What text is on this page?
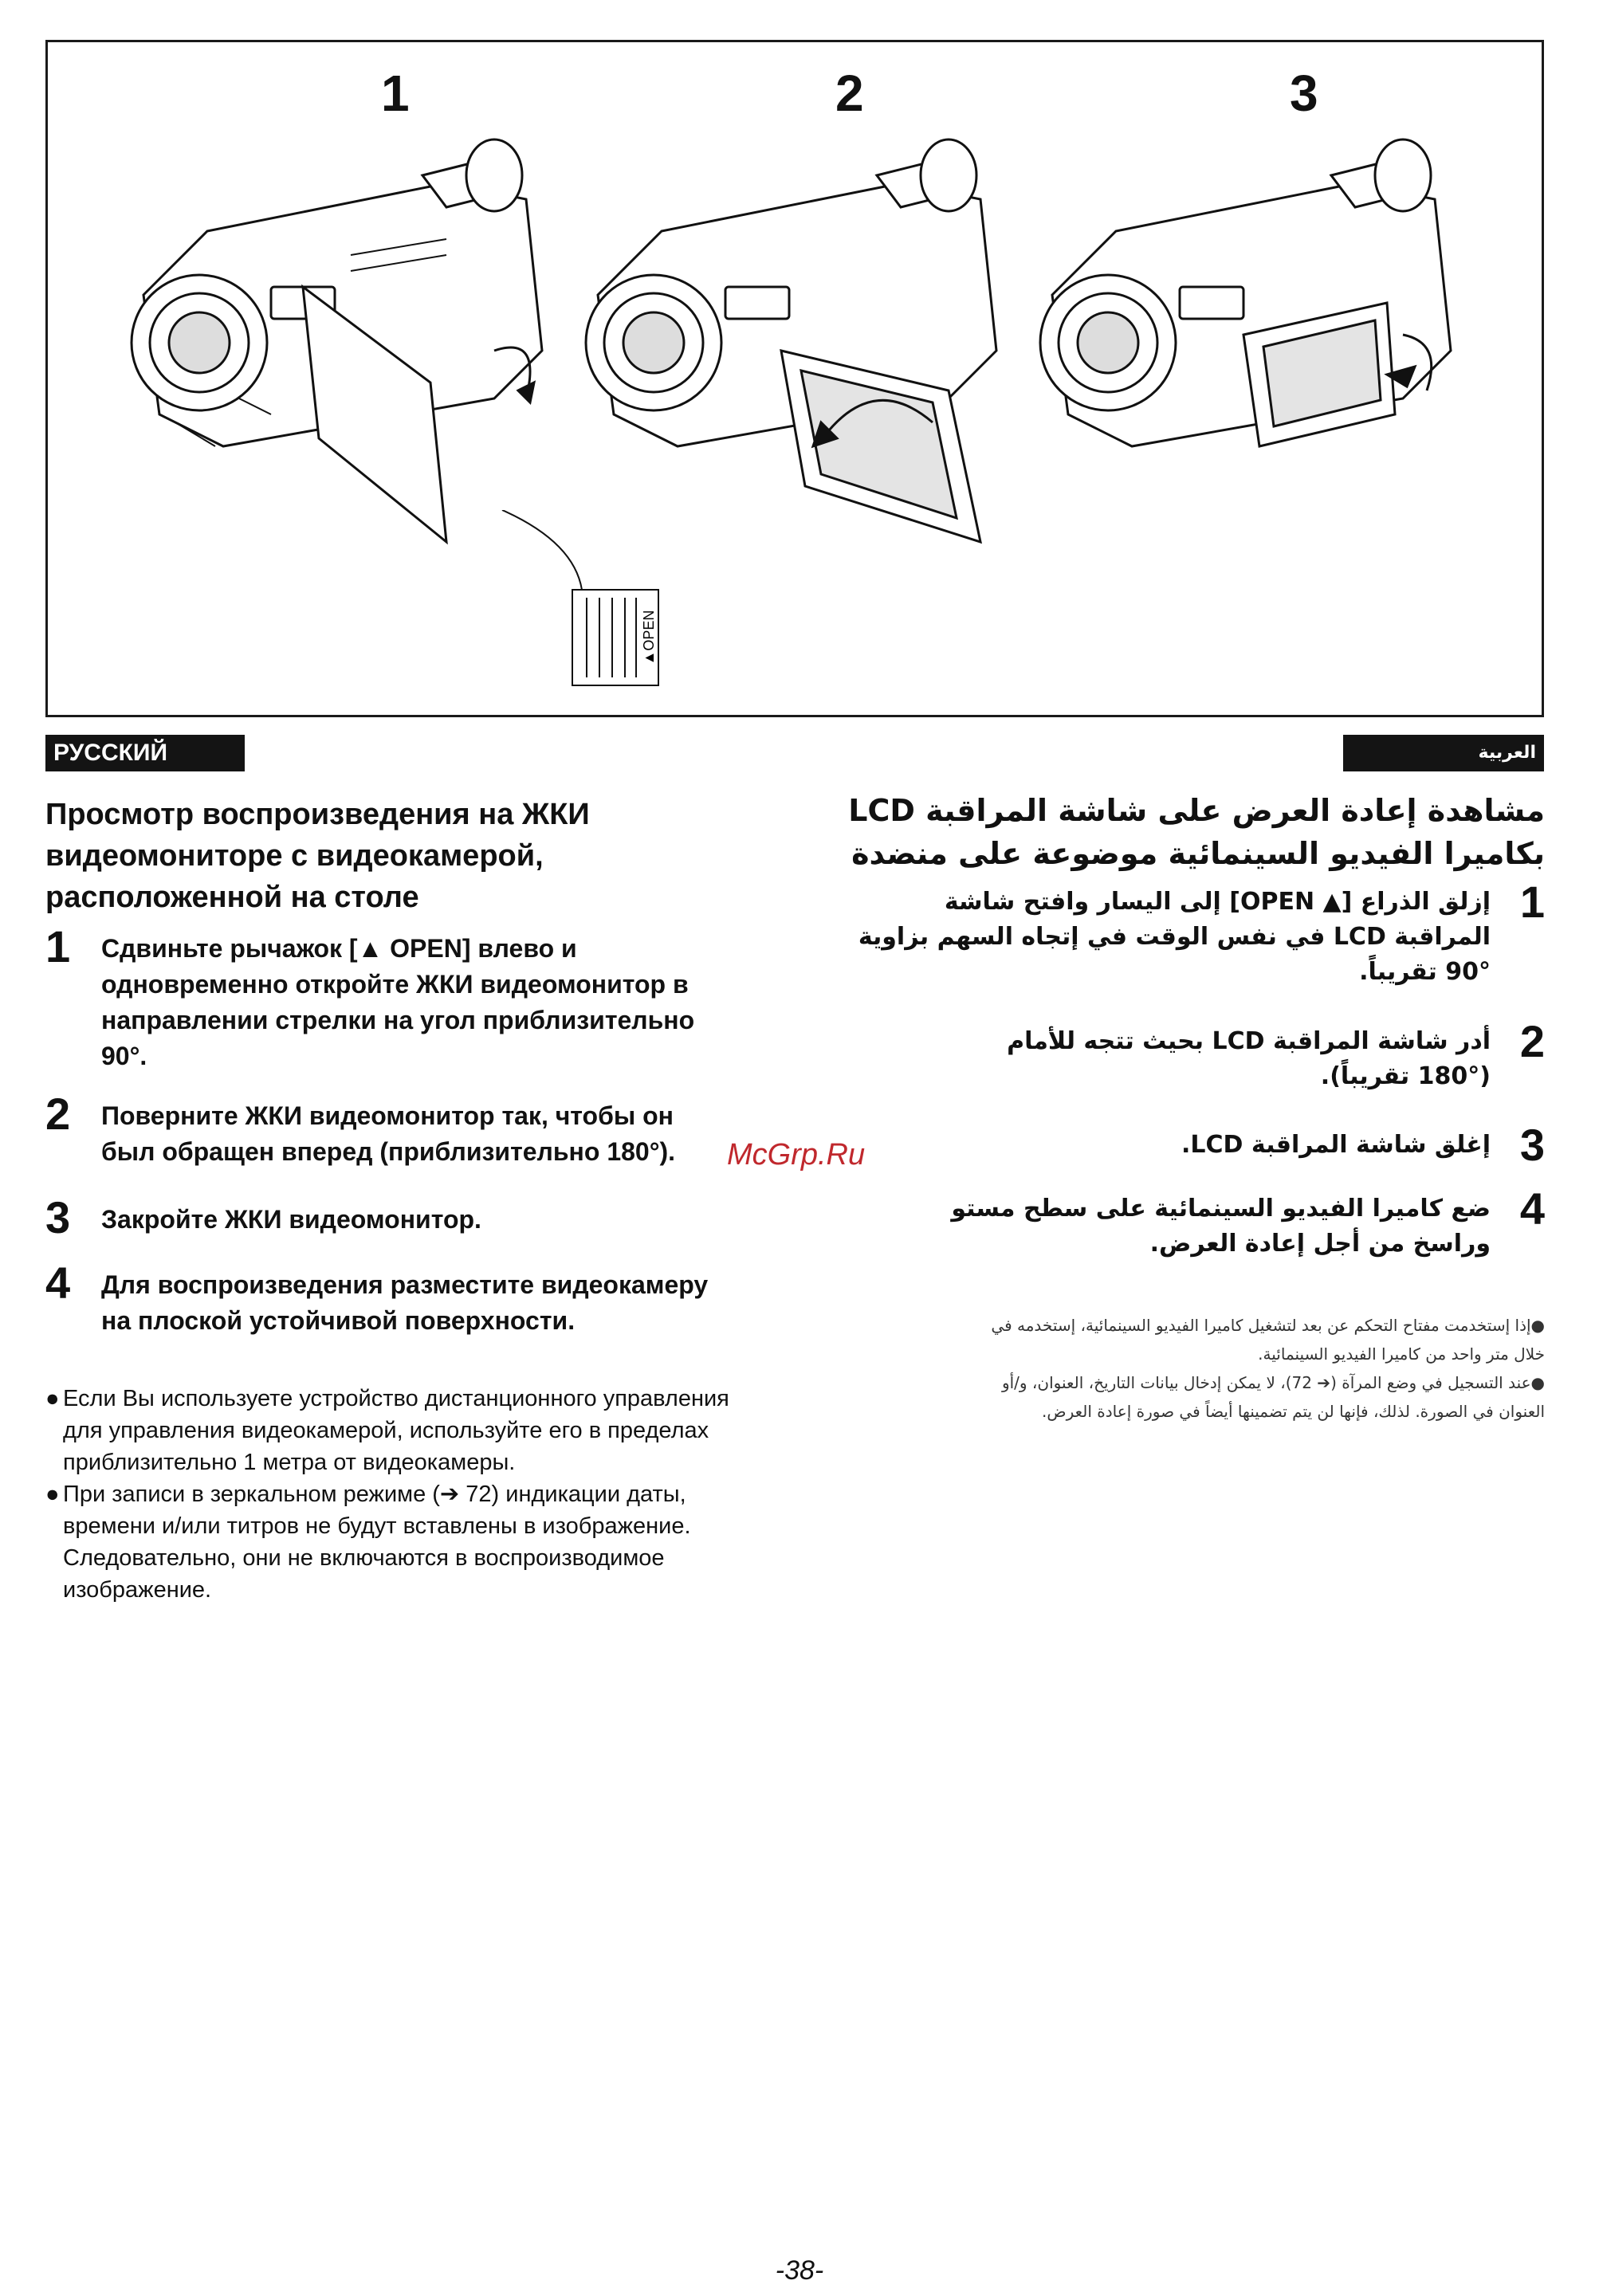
1	2	3
▲OPEN
РУССКИЙ ЯЗЫК
Просмотр воспроизведения на ЖКИ
видеомониторе с видеокамерой,
расположенной на столе
1 Сдвиньте рычажок [▲ OPEN] влево и
одновременно откройте ЖКИ видеомонитор в
направлении стрелки на угол приблизительно
90°.
2 Поверните ЖКИ видеомонитор так, чтобы он
был обращен вперед (приблизительно 180°).
3 Закройте ЖКИ видеомонитор.
4 Для воспроизведения разместите видеокамеру
на плоской устойчивой поверхности.
● Если Вы используете устройство дистанционного управления
для управления видеокамерой, используйте его в пределах
приблизительно 1 метра от видеокамеры.
● При записи в зеркальном режиме (➔ 72) индикации даты,
времени и/или титров не будут вставлены в изображение.
Следовательно, они не включаются в воспроизводимое
изображение.
العربية
مشاهدة إعادة العرض على شاشة المراقبة LCD
بكاميرا الفيديو السينمائية موضوعة على منضدة
1
إزلق الذراع [▲ OPEN] إلى اليسار وافتح شاشة
المراقبة LCD في نفس الوقت في إتجاه السهم بزاوية
90° تقريباً.
2
أدر شاشة المراقبة LCD بحيث تتجه للأمام
(180° تقريباً).
3
إغلق شاشة المراقبة LCD.
4
ضع كاميرا الفيديو السينمائية على سطح مستو
وراسخ من أجل إعادة العرض.

●إذا إستخدمت مفتاح التحكم عن بعد لتشغيل كاميرا الفيديو السينمائية، إستخدمه في
خلال متر واحد من كاميرا الفيديو السينمائية.

●عند التسجيل في وضع المرآة (➔ 72)، لا يمكن إدخال بيانات التاريخ، العنوان، و/أو
العنوان في الصورة. لذلك، فإنها لن يتم تضمينها أيضاً في صورة إعادة العرض.

McGrp.Ru
-38-
